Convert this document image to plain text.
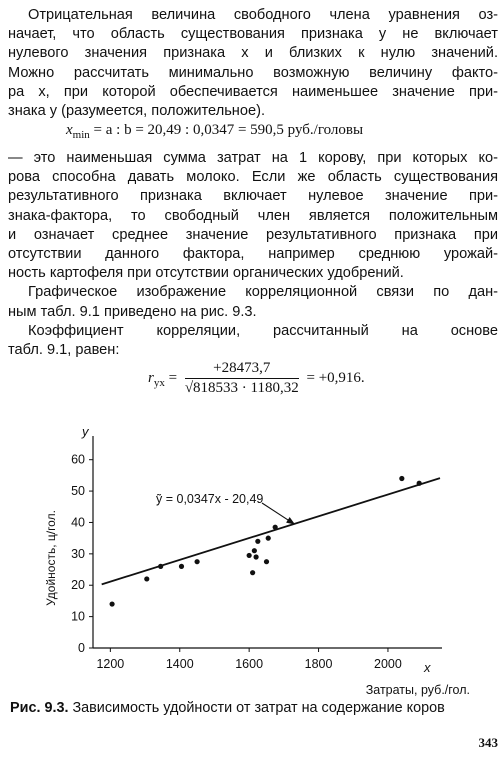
Отрицательная величина свободного члена уравнения оз-
начает, что область существования признака у не включает
нулевого значения признака х и близких к нулю значений.
Можно рассчитать минимально возможную величину факто-
ра х, при которой обеспечивается наименьшее значение при-
знака у (разумеется, положительное).
$x_{min} = a$ : b = 20,49 : 0,0347 = 590,5 руб./головы
— это наименьшая сумма затрат на 1 корову, при которых ко-
рова способна давать молоко. Если же область существования
результативного признака включает нулевое значение при-
знака-фактора, то свободный член является положительным
и означает среднее значение результативного признака при
отсутствии данного фактора, например среднюю урожай-
ность картофеля при отсутствии органических удобрений.
Графическое изображение корреляционной связи по дан-
ным табл. 9.1 приведено на рис. 9.3.
Коэффициент корреляции, рассчитанный на основе
табл. 9.1, равен:
$r_{yx} = \frac{+28473,7}{√818533 \cdot 1180,32} = +0,916$.
0
10
20
30
40
50
60
1200	1400	1600	1800	2000
Удойность, ц/гол.
Затраты, руб./гол.
x
y
y͂ = 0,0347x - 20,49
Рис. 9.3. Зависимость удойности от затрат на содержание коров
343
